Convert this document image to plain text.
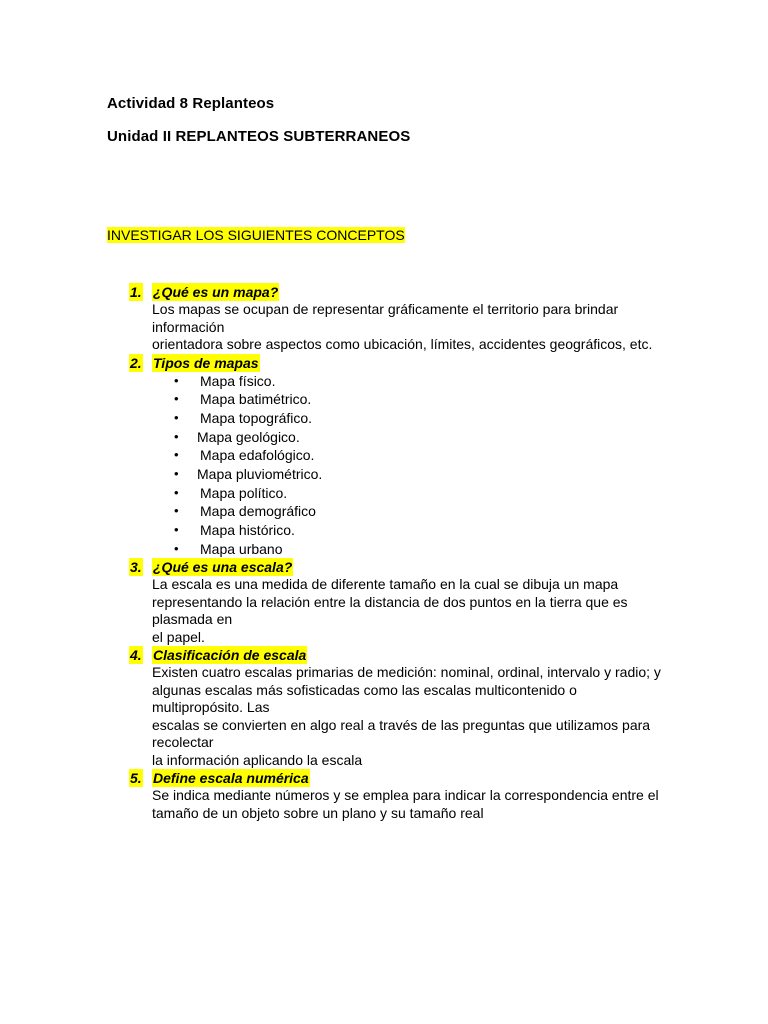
Actividad 8 Replanteos
Unidad II REPLANTEOS SUBTERRANEOS
INVESTIGAR LOS SIGUIENTES CONCEPTOS
1. ¿Qué es un mapa?

Los mapas se ocupan de representar gráficamente el territorio para brindar

información

orientadora sobre aspectos como ubicación, límites, accidentes geográficos, etc.

2. Tipos de mapas
• Mapa físico.
• Mapa batimétrico.
• Mapa topográfico.
• Mapa geológico.
• Mapa edafológico.
• Mapa pluviométrico.
• Mapa político.
• Mapa demográfico
• Mapa histórico.
• Mapa urbano
3. ¿Qué es una escala?

La escala es una medida de diferente tamaño en la cual se dibuja un mapa

representando la relación entre la distancia de dos puntos en la tierra que es

plasmada en

el papel.

4. Clasificación de escala

Existen cuatro escalas primarias de medición: nominal, ordinal, intervalo y radio; y

algunas escalas más sofisticadas como las escalas multicontenido o

multipropósito. Las

escalas se convierten en algo real a través de las preguntas que utilizamos para

recolectar

la información aplicando la escala

5. Define escala numérica

Se indica mediante números y se emplea para indicar la correspondencia entre el

tamaño de un objeto sobre un plano y su tamaño real
